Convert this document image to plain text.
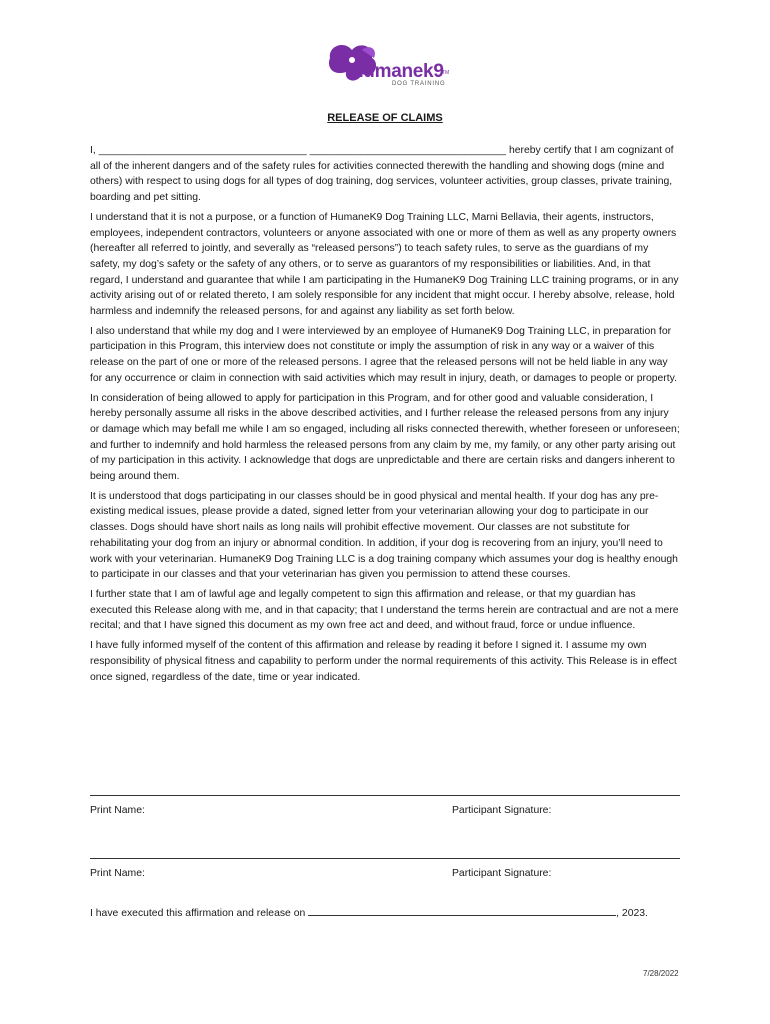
humanek9
TM
DOG TRAINING
RELEASE OF CLAIMS

I, ____________________________________ __________________________________ hereby certify that I am cognizant of all of the inherent dangers and of the safety rules for activities connected therewith the handling and showing dogs (mine and others) with respect to using dogs for all types of dog training, dog services, volunteer activities, group classes, private training, boarding and pet sitting.

I understand that it is not a purpose, or a function of HumaneK9 Dog Training LLC, Marni Bellavia, their agents, instructors, employees, independent contractors, volunteers or anyone associated with one or more of them as well as any property owners (hereafter all referred to jointly, and severally as “released persons”) to teach safety rules, to serve as the guardians of my safety, my dog’s safety or the safety of any others, or to serve as guarantors of my responsibilities or liabilities. And, in that regard, I understand and guarantee that while I am participating in the HumaneK9 Dog Training LLC training programs, or in any activity arising out of or related thereto, I am solely responsible for any incident that might occur. I hereby absolve, release, hold harmless and indemnify the released persons, for and against any liability as set forth below.

I also understand that while my dog and I were interviewed by an employee of HumaneK9 Dog Training LLC, in preparation for participation in this Program, this interview does not constitute or imply the assumption of risk in any way or a waiver of this release on the part of one or more of the released persons. I agree that the released persons will not be held liable in any way for any occurrence or claim in connection with said activities which may result in injury, death, or damages to people or property.

In consideration of being allowed to apply for participation in this Program, and for other good and valuable consideration, I hereby personally assume all risks in the above described activities, and I further release the released persons from any injury or damage which may befall me while I am so engaged, including all risks connected therewith, whether foreseen or unforeseen; and further to indemnify and hold harmless the released persons from any claim by me, my family, or any other party arising out of my participation in this activity. I acknowledge that dogs are unpredictable and there are certain risks and dangers inherent to being around them.

It is understood that dogs participating in our classes should be in good physical and mental health. If your dog has any pre-existing medical issues, please provide a dated, signed letter from your veterinarian allowing your dog to participate in our classes. Dogs should have short nails as long nails will prohibit effective movement. Our classes are not substitute for rehabilitating your dog from an injury or abnormal condition. In addition, if your dog is recovering from an injury, you’ll need to work with your veterinarian. HumaneK9 Dog Training LLC is a dog training company which assumes your dog is healthy enough to participate in our classes and that your veterinarian has given you permission to attend these courses.

I further state that I am of lawful age and legally competent to sign this affirmation and release, or that my guardian has executed this Release along with me, and in that capacity; that I understand the terms herein are contractual and are not a mere recital; and that I have signed this document as my own free act and deed, and without fraud, force or undue influence.

I have fully informed myself of the content of this affirmation and release by reading it before I signed it. I assume my own responsibility of physical fitness and capability to perform under the normal requirements of this activity. This Release is in effect once signed, regardless of the date, time or year indicated.

Print Name:	Participant Signature:
Print Name:	Participant Signature:
I have executed this affirmation and release on	, 2023.
7/28/2022
